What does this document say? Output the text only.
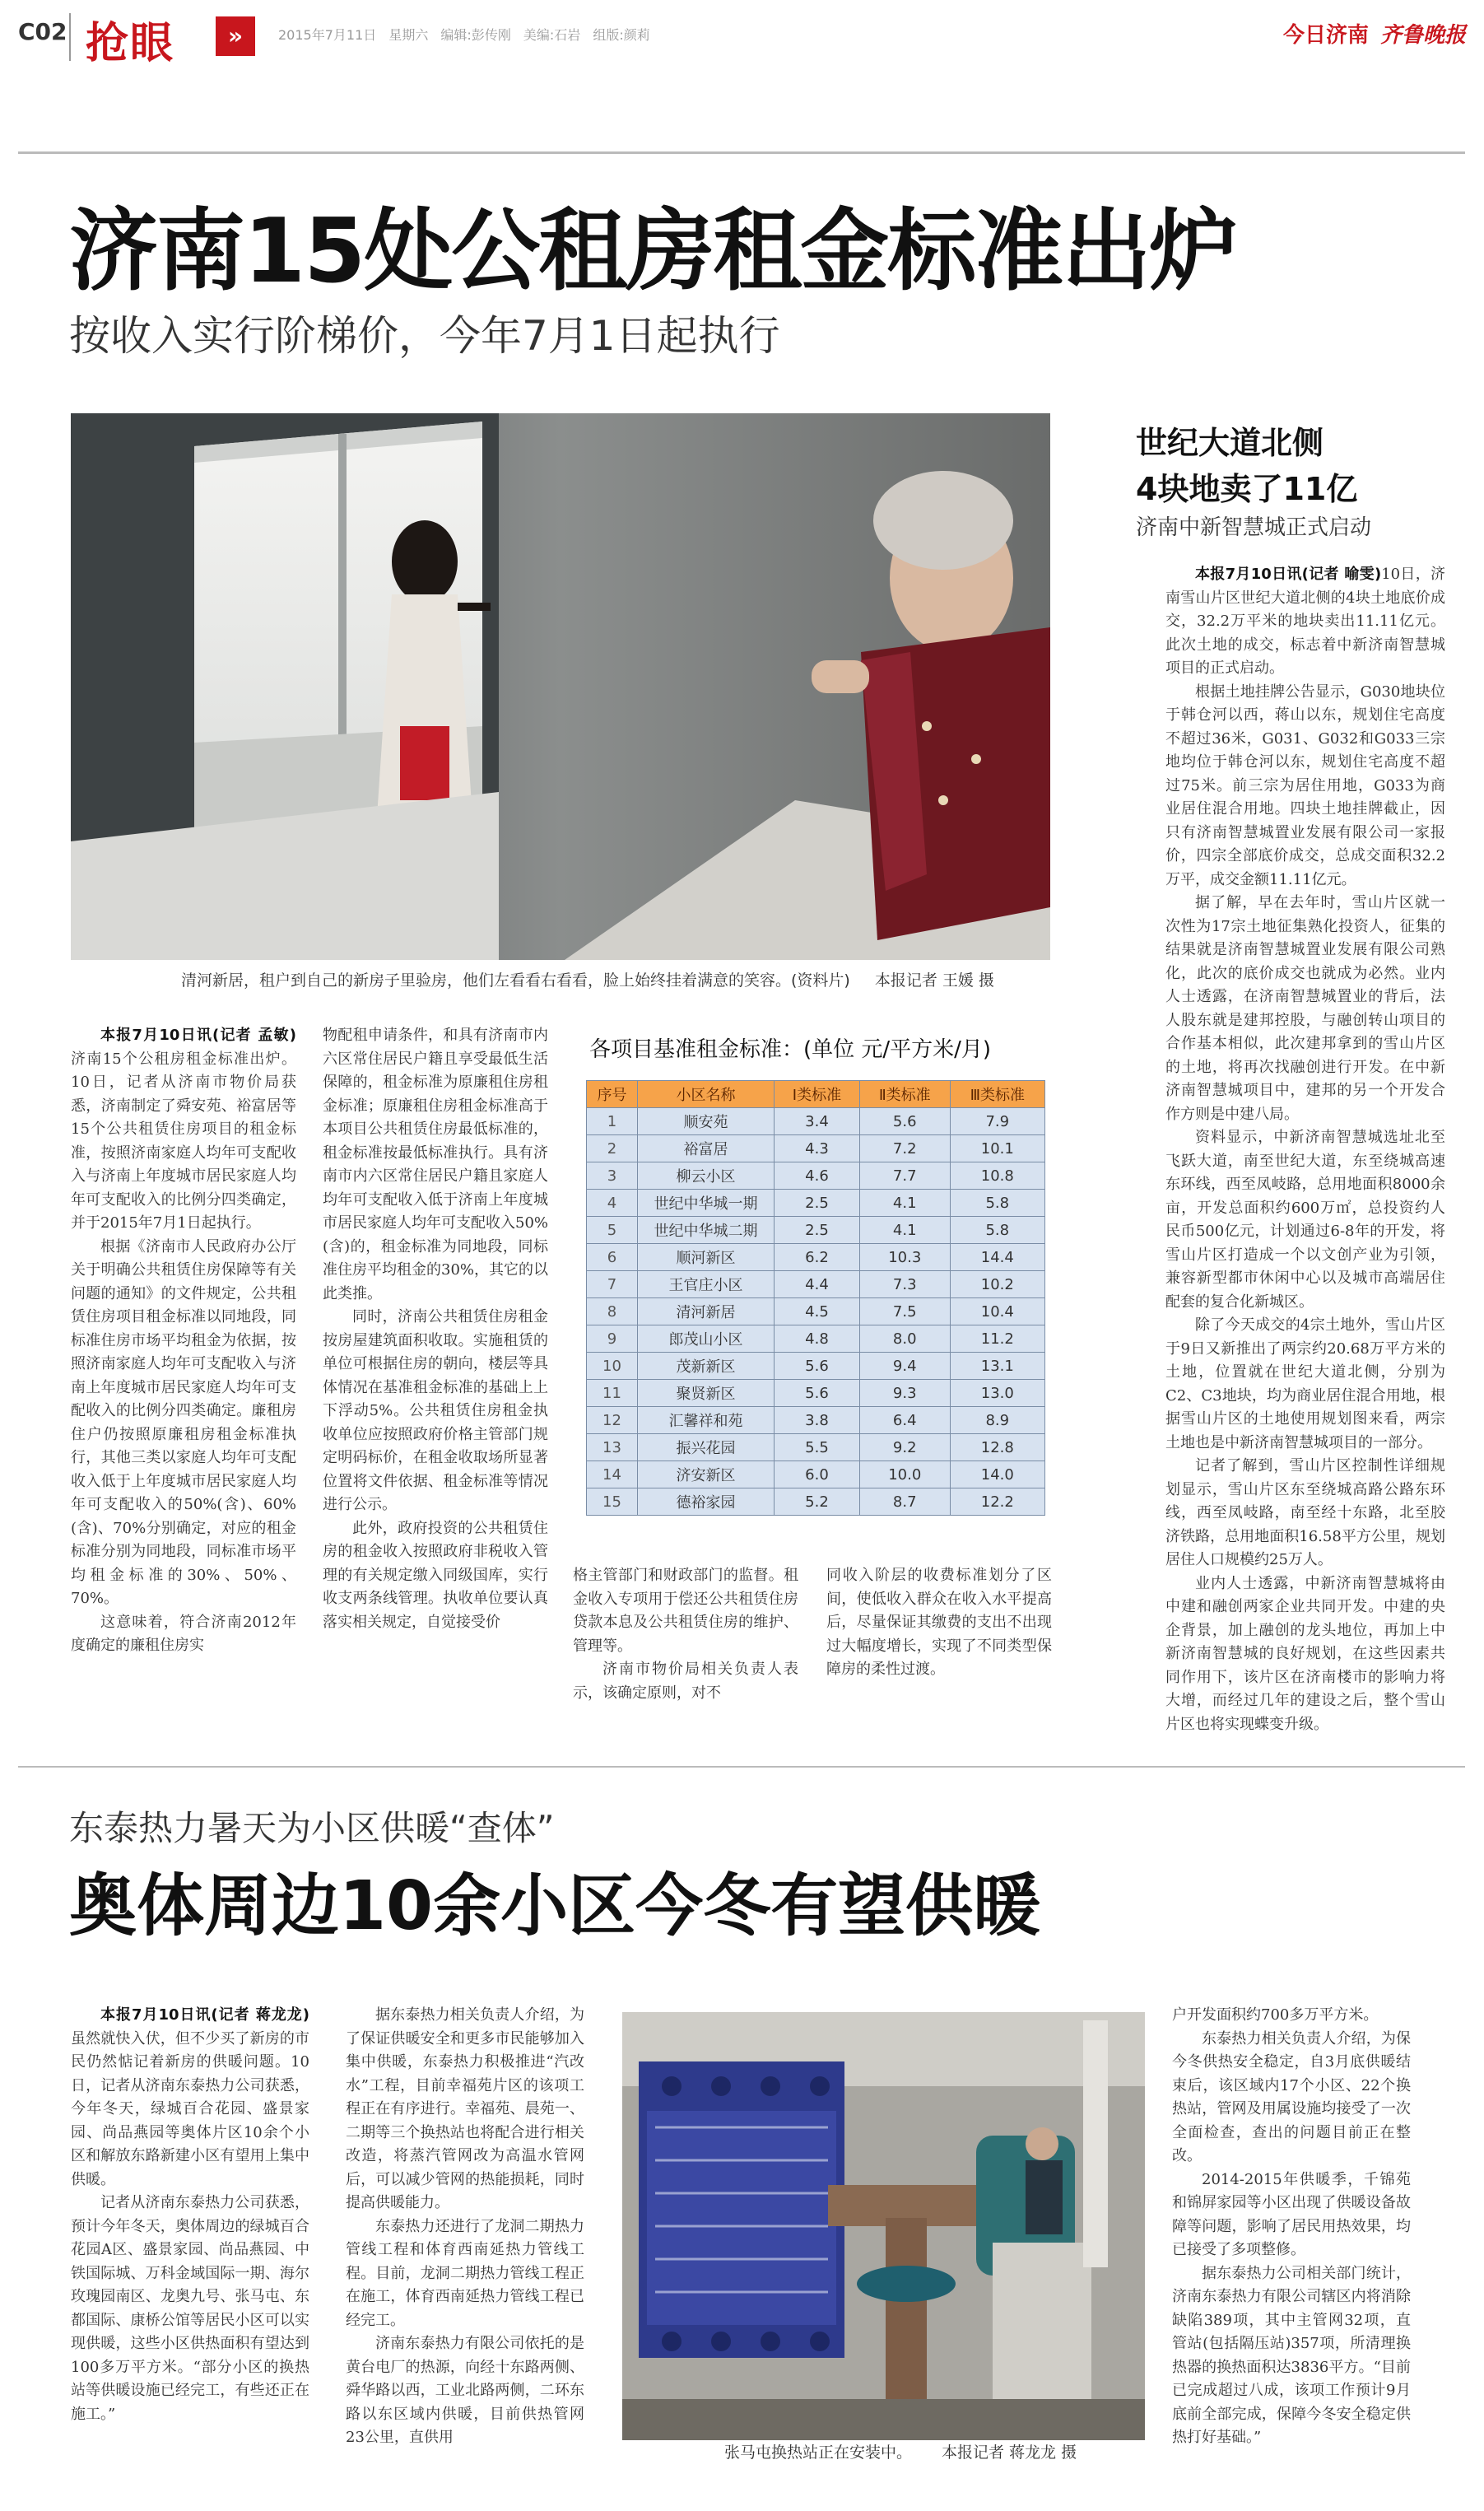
C02 抢眼	»	2015年7月11日 星期六 编辑:彭传刚 美编:石岩 组版:颜莉	今日济南 齐鲁晚报
济南15处公租房租金标准出炉
按收入实行阶梯价，今年7月1日起执行
清河新居，租户到自己的新房子里验房，他们左看看右看看，脸上始终挂着满意的笑容。(资料片) 本报记者 王媛 摄
世纪大道北侧
4块地卖了11亿
济南中新智慧城正式启动

本报7月10日讯(记者 喻雯)10日，济南雪山片区世纪大道北侧的4块土地底价成交，32.2万平米的地块卖出11.11亿元。此次土地的成交，标志着中新济南智慧城项目的正式启动。

根据土地挂牌公告显示，G030地块位于韩仓河以西，蒋山以东，规划住宅高度不超过36米，G031、G032和G033三宗地均位于韩仓河以东，规划住宅高度不超过75米。前三宗为居住用地，G033为商业居住混合用地。四块土地挂牌截止，因只有济南智慧城置业发展有限公司一家报价，四宗全部底价成交，总成交面积32.2万平，成交金额11.11亿元。

据了解，早在去年时，雪山片区就一次性为17宗土地征集熟化投资人，征集的结果就是济南智慧城置业发展有限公司熟化，此次的底价成交也就成为必然。业内人士透露，在济南智慧城置业的背后，法人股东就是建邦控股，与融创转山项目的合作基本相似，此次建邦拿到的雪山片区的土地，将再次找融创进行开发。在中新济南智慧城项目中，建邦的另一个开发合作方则是中建八局。

资料显示，中新济南智慧城选址北至飞跃大道，南至世纪大道，东至绕城高速东环线，西至凤岐路，总用地面积8000余亩，开发总面积约600万㎡，总投资约人民币500亿元，计划通过6-8年的开发，将雪山片区打造成一个以文创产业为引领，兼容新型都市休闲中心以及城市高端居住配套的复合化新城区。

除了今天成交的4宗土地外，雪山片区于9日又新推出了两宗约20.68万平方米的土地，位置就在世纪大道北侧，分别为C2、C3地块，均为商业居住混合用地，根据雪山片区的土地使用规划图来看，两宗土地也是中新济南智慧城项目的一部分。

记者了解到，雪山片区控制性详细规划显示，雪山片区东至绕城高路公路东环线，西至凤岐路，南至经十东路，北至胶济铁路，总用地面积16.58平方公里，规划居住人口规模约25万人。

业内人士透露，中新济南智慧城将由中建和融创两家企业共同开发。中建的央企背景，加上融创的龙头地位，再加上中新济南智慧城的良好规划，在这些因素共同作用下，该片区在济南楼市的影响力将大增，而经过几年的建设之后，整个雪山片区也将实现蝶变升级。

本报7月10日讯(记者 孟敏) 济南15个公租房租金标准出炉。10日，记者从济南市物价局获悉，济南制定了舜安苑、裕富居等15个公共租赁住房项目的租金标准，按照济南家庭人均年可支配收入与济南上年度城市居民家庭人均年可支配收入的比例分四类确定，并于2015年7月1日起执行。

根据《济南市人民政府办公厅关于明确公共租赁住房保障等有关问题的通知》的文件规定，公共租赁住房项目租金标准以同地段，同标准住房市场平均租金为依据，按照济南家庭人均年可支配收入与济南上年度城市居民家庭人均年可支配收入的比例分四类确定。廉租房住户仍按照原廉租房租金标准执行，其他三类以家庭人均年可支配收入低于上年度城市居民家庭人均年可支配收入的50%(含)、60%(含)、70%分别确定，对应的租金标准分别为同地段，同标准市场平均租金标准的30%、50%、70%。

这意味着，符合济南2012年度确定的廉租住房实

物配租申请条件，和具有济南市内六区常住居民户籍且享受最低生活保障的，租金标准为原廉租住房租金标准；原廉租住房租金标准高于本项目公共租赁住房最低标准的，租金标准按最低标准执行。具有济南市内六区常住居民户籍且家庭人均年可支配收入低于济南上年度城市居民家庭人均年可支配收入50%(含)的，租金标准为同地段，同标准住房平均租金的30%，其它的以此类推。

同时，济南公共租赁住房租金按房屋建筑面积收取。实施租赁的单位可根据住房的朝向，楼层等具体情况在基准租金标准的基础上上下浮动5%。公共租赁住房租金执收单位应按照政府价格主管部门规定明码标价，在租金收取场所显著位置将文件依据、租金标准等情况进行公示。

此外，政府投资的公共租赁住房的租金收入按照政府非税收入管理的有关规定缴入同级国库，实行收支两条线管理。执收单位要认真落实相关规定，自觉接受价

格主管部门和财政部门的监督。租金收入专项用于偿还公共租赁住房贷款本息及公共租赁住房的维护、管理等。

济南市物价局相关负责人表示，该确定原则，对不

同收入阶层的收费标准划分了区间，使低收入群众在收入水平提高后，尽量保证其缴费的支出不出现过大幅度增长，实现了不同类型保障房的柔性过渡。

各项目基准租金标准：(单位 元/平方米/月)
序号	小区名称	Ⅰ类标准	Ⅱ类标准	Ⅲ类标准
1	顺安苑	3.4	5.6	7.9
2	裕富居	4.3	7.2	10.1
3	柳云小区	4.6	7.7	10.8
4	世纪中华城一期	2.5	4.1	5.8
5	世纪中华城二期	2.5	4.1	5.8
6	顺河新区	6.2	10.3	14.4
7	王官庄小区	4.4	7.3	10.2
8	清河新居	4.5	7.5	10.4
9	郎茂山小区	4.8	8.0	11.2
10	茂新新区	5.6	9.4	13.1
11	聚贤新区	5.6	9.3	13.0
12	汇馨祥和苑	3.8	6.4	8.9
13	振兴花园	5.5	9.2	12.8
14	济安新区	6.0	10.0	14.0
15	德裕家园	5.2	8.7	12.2
东泰热力暑天为小区供暖“查体”
奥体周边10余小区今冬有望供暖

本报7月10日讯(记者 蒋龙龙) 虽然就快入伏，但不少买了新房的市民仍然惦记着新房的供暖问题。10日，记者从济南东泰热力公司获悉，今年冬天，绿城百合花园、盛景家园、尚品燕园等奥体片区10余个小区和解放东路新建小区有望用上集中供暖。

记者从济南东泰热力公司获悉，预计今年冬天，奥体周边的绿城百合花园A区、盛景家园、尚品燕园、中铁国际城、万科金域国际一期、海尔玫瑰园南区、龙奥九号、张马屯、东都国际、康桥公馆等居民小区可以实现供暖，这些小区供热面积有望达到100多万平方米。“部分小区的换热站等供暖设施已经完工，有些还正在施工。”

据东泰热力相关负责人介绍，为了保证供暖安全和更多市民能够加入集中供暖，东泰热力积极推进“汽改水”工程，目前幸福苑片区的该项工程正在有序进行。幸福苑、晨苑一、二期等三个换热站也将配合进行相关改造，将蒸汽管网改为高温水管网后，可以减少管网的热能损耗，同时提高供暖能力。

东泰热力还进行了龙洞二期热力管线工程和体育西南延热力管线工程。目前，龙洞二期热力管线工程正在施工，体育西南延热力管线工程已经完工。

济南东泰热力有限公司依托的是黄台电厂的热源，向经十东路两侧、舜华路以西，工业北路两侧，二环东路以东区域内供暖，目前供热管网23公里，直供用

户开发面积约700多万平方米。

东泰热力相关负责人介绍，为保今冬供热安全稳定，自3月底供暖结束后，该区域内17个小区、22个换热站，管网及用属设施均接受了一次全面检查，查出的问题目前正在整改。

2014-2015年供暖季，千锦苑和锦屏家园等小区出现了供暖设备故障等问题，影响了居民用热效果，均已接受了多项整修。

据东泰热力公司相关部门统计，济南东泰热力有限公司辖区内将消除缺陷389项，其中主管网32项，直管站(包括隔压站)357项，所清理换热器的换热面积达3836平方。“目前已完成超过八成，该项工作预计9月底前全部完成，保障今冬安全稳定供热打好基础。”

张马屯换热站正在安装中。 本报记者 蒋龙龙 摄
